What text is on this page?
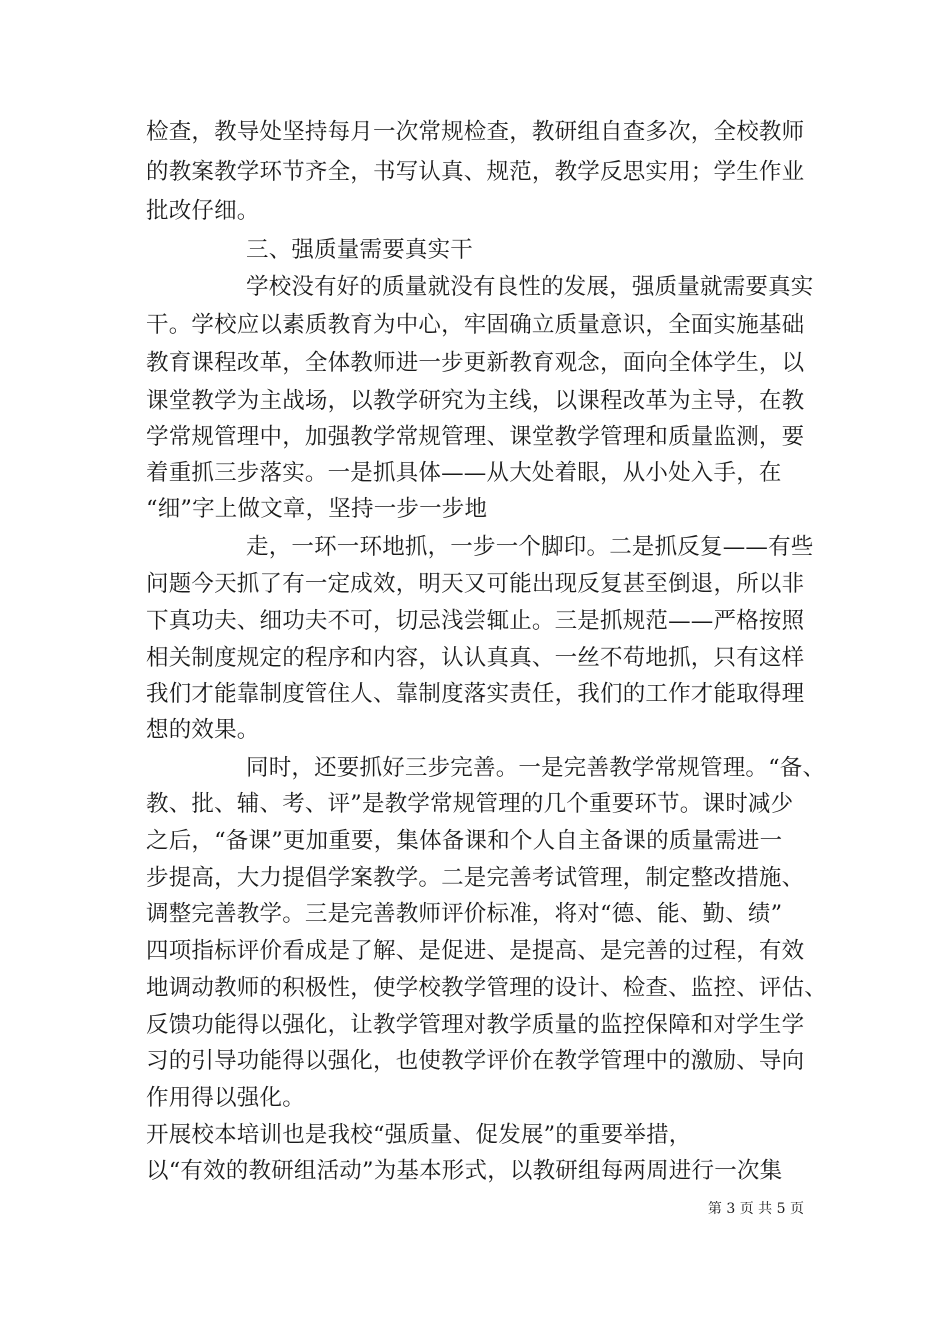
检查，教导处坚持每月一次常规检查，教研组自查多次，全校教师
的教案教学环节齐全，书写认真、规范，教学反思实用；学生作业
批改仔细。
三、强质量需要真实干
学校没有好的质量就没有良性的发展，强质量就需要真实
干。学校应以素质教育为中心，牢固确立质量意识，全面实施基础
教育课程改革，全体教师进一步更新教育观念，面向全体学生，以
课堂教学为主战场，以教学研究为主线，以课程改革为主导，在教
学常规管理中，加强教学常规管理、课堂教学管理和质量监测，要
着重抓三步落实。一是抓具体——从大处着眼，从小处入手，在
“细”字上做文章，坚持一步一步地
走，一环一环地抓，一步一个脚印。二是抓反复——有些
问题今天抓了有一定成效，明天又可能出现反复甚至倒退，所以非
下真功夫、细功夫不可，切忌浅尝辄止。三是抓规范——严格按照
相关制度规定的程序和内容，认认真真、一丝不苟地抓，只有这样
我们才能靠制度管住人、靠制度落实责任，我们的工作才能取得理
想的效果。
同时，还要抓好三步完善。一是完善教学常规管理。“备、
教、批、辅、考、评”是教学常规管理的几个重要环节。课时减少
之后，“备课”更加重要，集体备课和个人自主备课的质量需进一
步提高，大力提倡学案教学。二是完善考试管理，制定整改措施、
调整完善教学。三是完善教师评价标准，将对“德、能、勤、绩”
四项指标评价看成是了解、是促进、是提高、是完善的过程，有效
地调动教师的积极性，使学校教学管理的设计、检查、监控、评估、
反馈功能得以强化，让教学管理对教学质量的监控保障和对学生学
习的引导功能得以强化，也使教学评价在教学管理中的激励、导向
作用得以强化。
开展校本培训也是我校“强质量、促发展”的重要举措，
以“有效的教研组活动”为基本形式，以教研组每两周进行一次集
第 3 页 共 5 页
